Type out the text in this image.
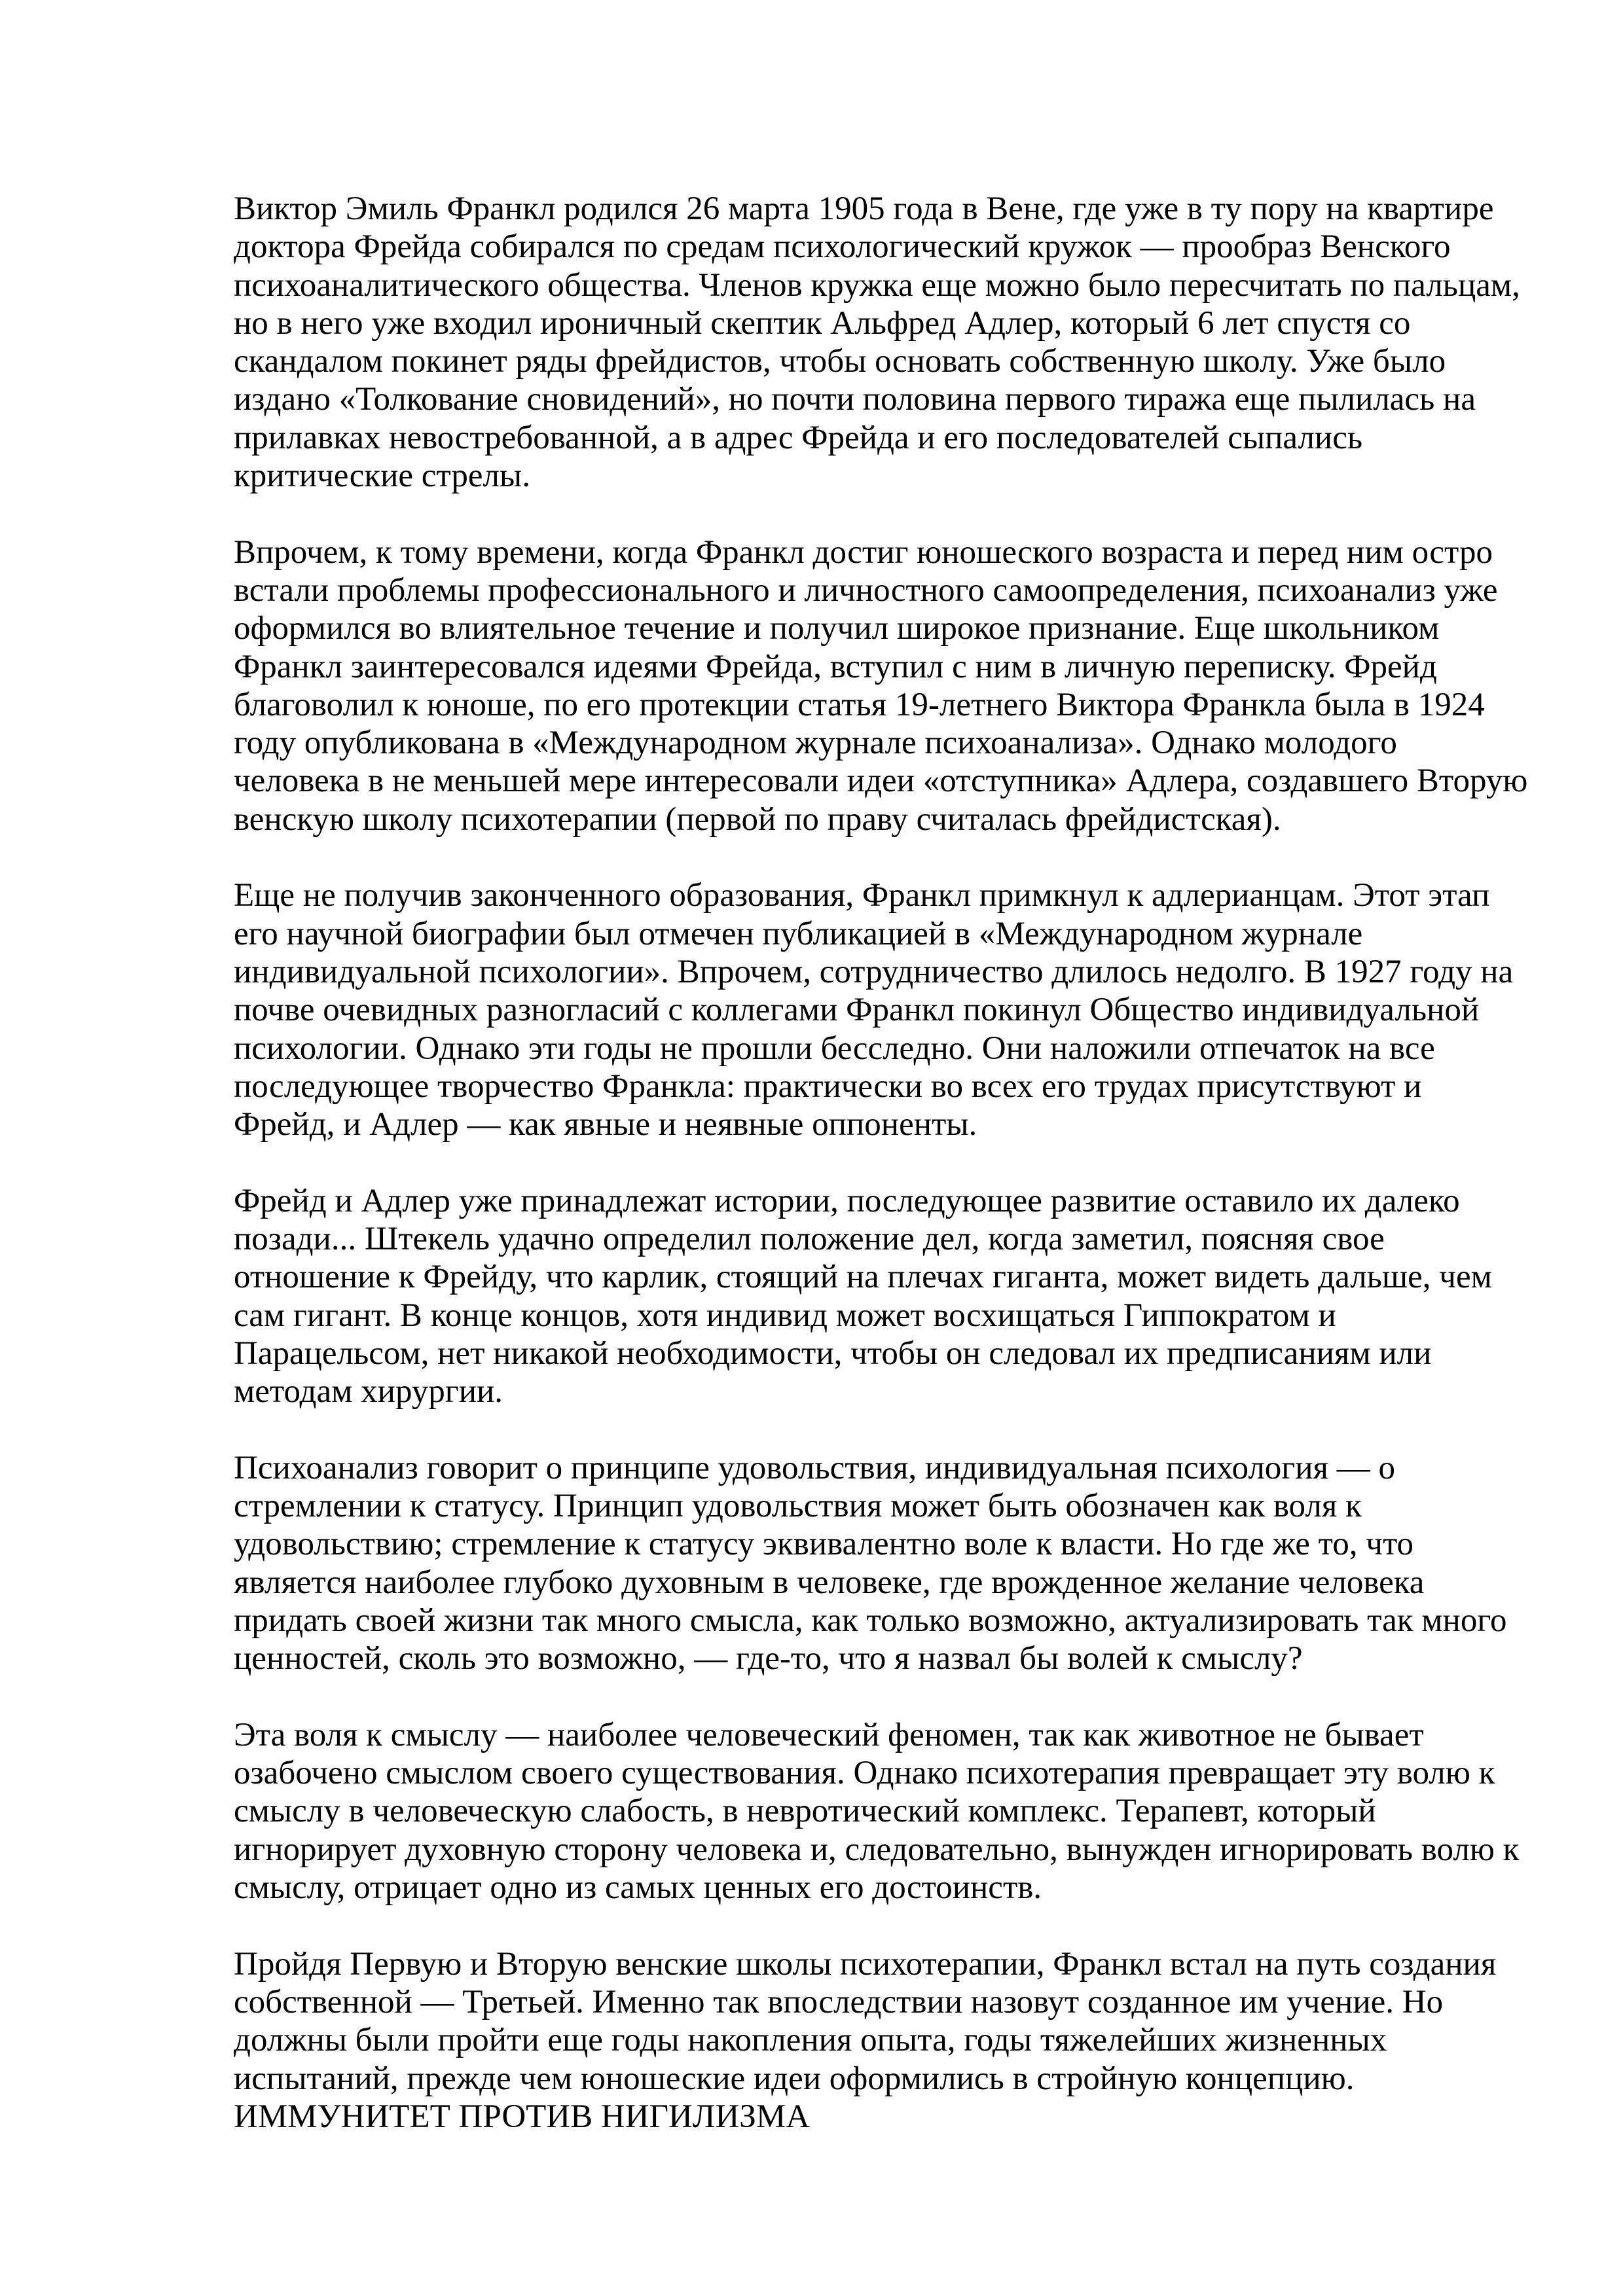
Виктор Эмиль Франкл родился 26 марта 1905 года в Вене, где уже в ту пору на квартире
доктора Фрейда собирался по средам психологический кружок — прообраз Венского
психоаналитического общества. Членов кружка еще можно было пересчитать по пальцам,
но в него уже входил ироничный скептик Альфред Адлер, который 6 лет спустя со
скандалом покинет ряды фрейдистов, чтобы основать собственную школу. Уже было
издано «Толкование сновидений», но почти половина первого тиража еще пылилась на
прилавках невостребованной, а в адрес Фрейда и его последователей сыпались
критические стрелы.

Впрочем, к тому времени, когда Франкл достиг юношеского возраста и перед ним остро
встали проблемы профессионального и личностного самоопределения, психоанализ уже
оформился во влиятельное течение и получил широкое признание. Еще школьником
Франкл заинтересовался идеями Фрейда, вступил с ним в личную переписку. Фрейд
благоволил к юноше, по его протекции статья 19-летнего Виктора Франкла была в 1924
году опубликована в «Международном журнале психоанализа». Однако молодого
человека в не меньшей мере интересовали идеи «отступника» Адлера, создавшего Вторую
венскую школу психотерапии (первой по праву считалась фрейдистская).

Еще не получив законченного образования, Франкл примкнул к адлерианцам. Этот этап
его научной биографии был отмечен публикацией в «Международном журнале
индивидуальной психологии». Впрочем, сотрудничество длилось недолго. В 1927 году на
почве очевидных разногласий с коллегами Франкл покинул Общество индивидуальной
психологии. Однако эти годы не прошли бесследно. Они наложили отпечаток на все
последующее творчество Франкла: практически во всех его трудах присутствуют и
Фрейд, и Адлер — как явные и неявные оппоненты.

Фрейд и Адлер уже принадлежат истории, последующее развитие оставило их далеко
позади... Штекель удачно определил положение дел, когда заметил, поясняя свое
отношение к Фрейду, что карлик, стоящий на плечах гиганта, может видеть дальше, чем
сам гигант. В конце концов, хотя индивид может восхищаться Гиппократом и
Парацельсом, нет никакой необходимости, чтобы он следовал их предписаниям или
методам хирургии.

Психоанализ говорит о принципе удовольствия, индивидуальная психология — о
стремлении к статусу. Принцип удовольствия может быть обозначен как воля к
удовольствию; стремление к статусу эквивалентно воле к власти. Но где же то, что
является наиболее глубоко духовным в человеке, где врожденное желание человека
придать своей жизни так много смысла, как только возможно, актуализировать так много
ценностей, сколь это возможно, — где-то, что я назвал бы волей к смыслу?

Эта воля к смыслу — наиболее человеческий феномен, так как животное не бывает
озабочено смыслом своего существования. Однако психотерапия превращает эту волю к
смыслу в человеческую слабость, в невротический комплекс. Терапевт, который
игнорирует духовную сторону человека и, следовательно, вынужден игнорировать волю к
смыслу, отрицает одно из самых ценных его достоинств.

Пройдя Первую и Вторую венские школы психотерапии, Франкл встал на путь создания
собственной — Третьей. Именно так впоследствии назовут созданное им учение. Но
должны были пройти еще годы накопления опыта, годы тяжелейших жизненных
испытаний, прежде чем юношеские идеи оформились в стройную концепцию.

ИММУНИТЕТ ПРОТИВ НИГИЛИЗМА
